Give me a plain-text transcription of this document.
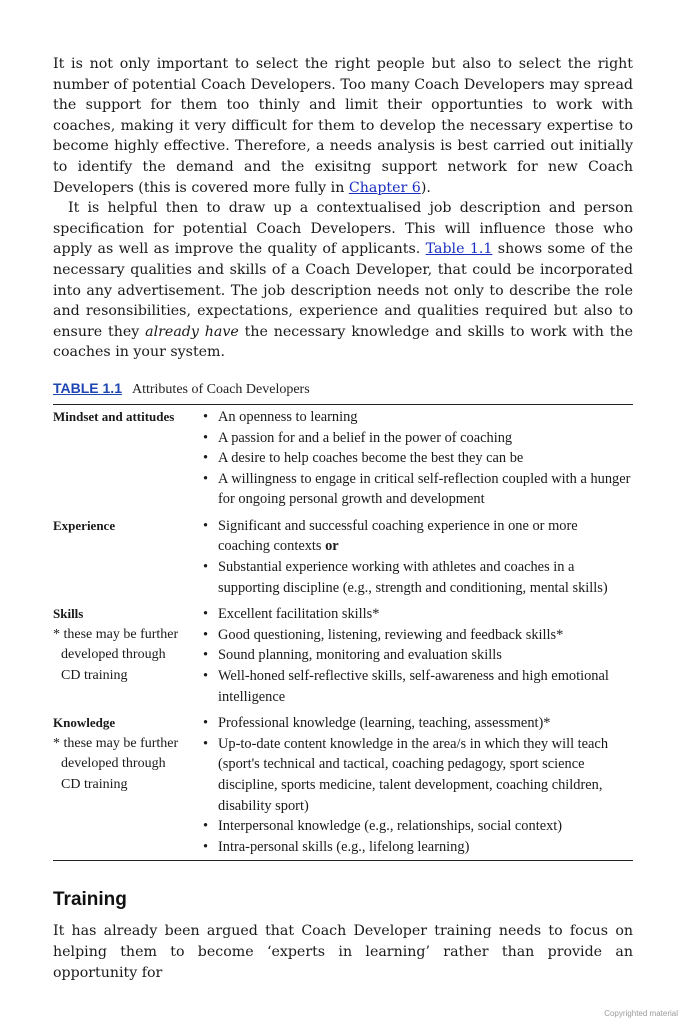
It is not only important to select the right people but also to select the right number of potential Coach Developers. Too many Coach Developers may spread the support for them too thinly and limit their opportunties to work with coaches, making it very difficult for them to develop the necessary expertise to become highly effective. Therefore, a needs analysis is best carried out initially to identify the demand and the exisitng support network for new Coach Developers (this is covered more fully in Chapter 6).

It is helpful then to draw up a contextualised job description and person specification for potential Coach Developers. This will influence those who apply as well as improve the quality of applicants. Table 1.1 shows some of the necessary qualities and skills of a Coach Developer, that could be incorporated into any advertisement. The job description needs not only to describe the role and resonsibilities, expectations, experience and qualities required but also to ensure they already have the necessary knowledge and skills to work with the coaches in your system.

TABLE 1.1 Attributes of Coach Developers
Mindset and attitudes	• An openness to learning
• A passion for and a belief in the power of coaching
• A desire to help coaches become the best they can be
• A willingness to engage in critical self-reflection coupled with a hunger for ongoing personal growth and development
Experience	• Significant and successful coaching experience in one or more coaching contexts or
• Substantial experience working with athletes and coaches in a supporting discipline (e.g., strength and conditioning, mental skills)
Skills
* these may be further
developed through
CD training
• Excellent facilitation skills*
• Good questioning, listening, reviewing and feedback skills*
• Sound planning, monitoring and evaluation skills
• Well-honed self-reflective skills, self-awareness and high emotional intelligence
Knowledge
* these may be further
developed through
CD training
• Professional knowledge (learning, teaching, assessment)*
• Up-to-date content knowledge in the area/s in which they will teach (sport's technical and tactical, coaching pedagogy, sport science discipline, sports medicine, talent development, coaching children, disability sport)
• Interpersonal knowledge (e.g., relationships, social context)
• Intra-personal skills (e.g., lifelong learning)
Training

It has already been argued that Coach Developer training needs to focus on helping them to become ‘experts in learning’ rather than provide an opportunity for

Copyrighted material
